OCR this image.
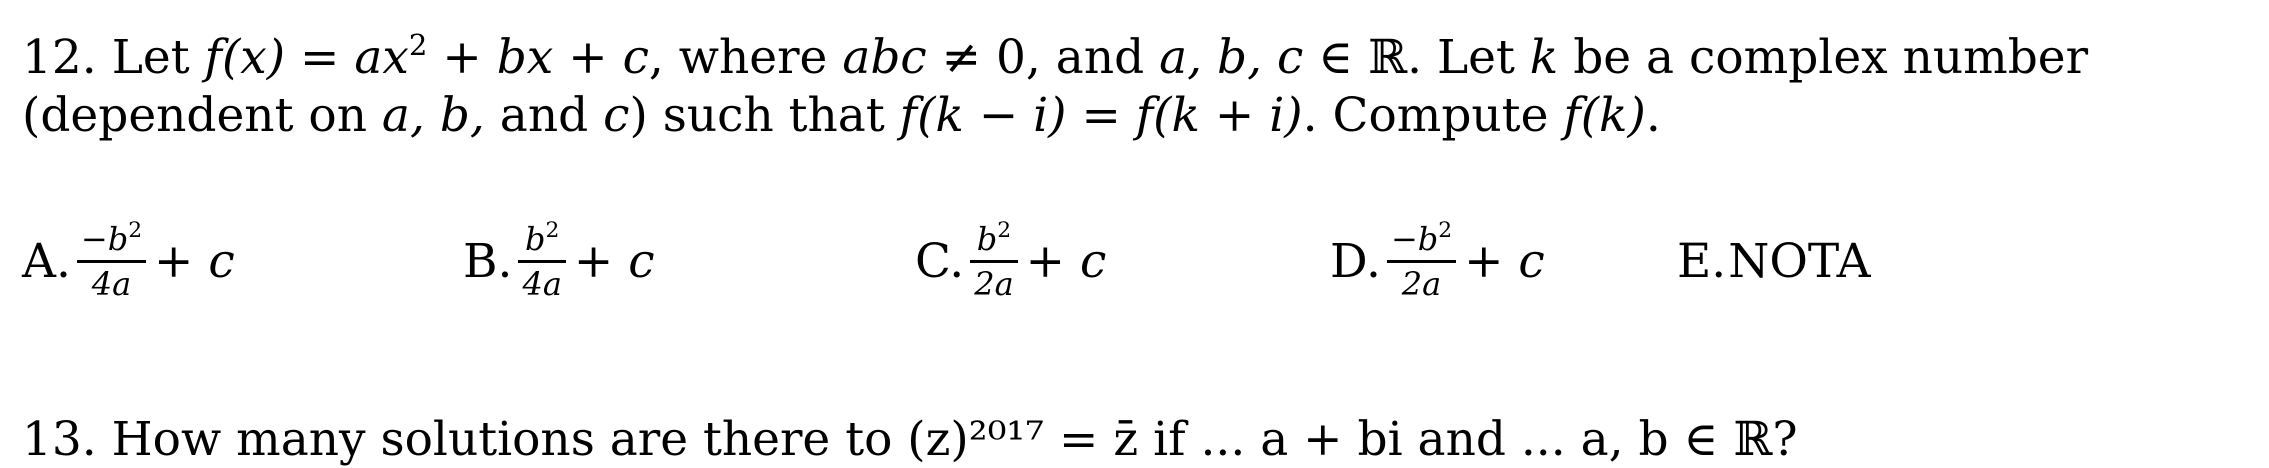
12. Let $f(x) = ax^2$ + bx + c, where abc ≠ 0, and a, b, c ∈ ℝ. Let k be a complex number
(dependent on a, b, and c) such that f(k − i) = f(k + i). Compute f(k).
A. $\frac{-b^2}{4a} + c$	B. $\frac{b^2}{4a} + c$	C. $\frac{b^2}{2a} + c$	D. $\frac{-b^2}{2a} + c$	E. NOTA
13. How many solutions are there to (z)²⁰¹⁷ = z̄ if ... a + bi and ... a, b ∈ ℝ?
